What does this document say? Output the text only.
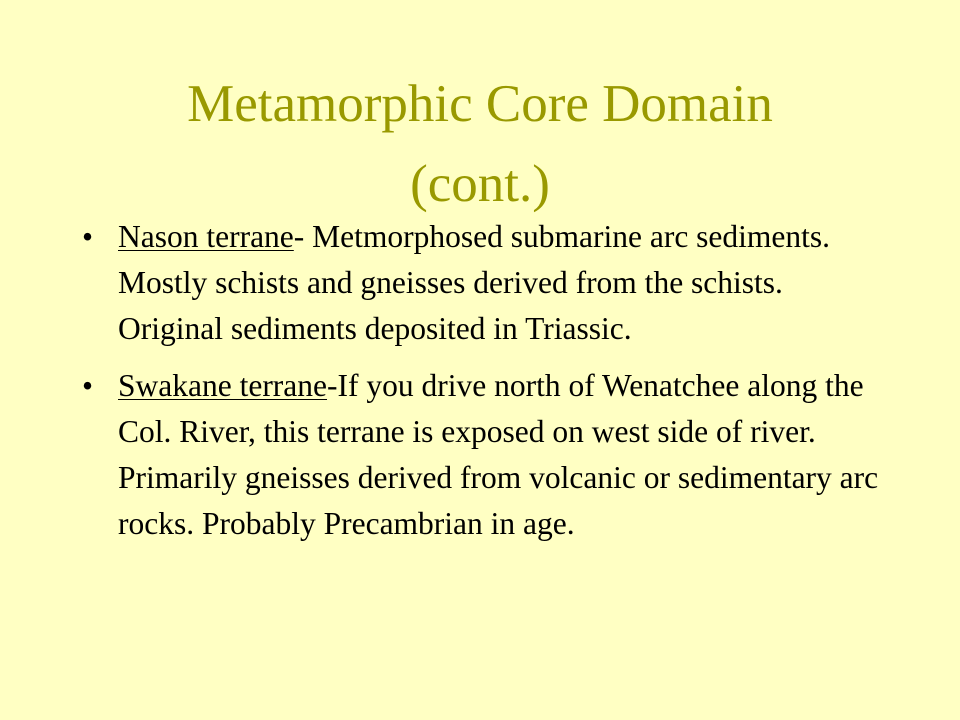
Metamorphic Core Domain
(cont.)
• Nason terrane- Metmorphosed submarine arc sediments. Mostly schists and gneisses derived from the schists. Original sediments deposited in Triassic.
• Swakane terrane-If you drive north of Wenatchee along the Col. River, this terrane is exposed on west side of river. Primarily gneisses derived from volcanic or sedimentary arc rocks. Probably Precambrian in age.
